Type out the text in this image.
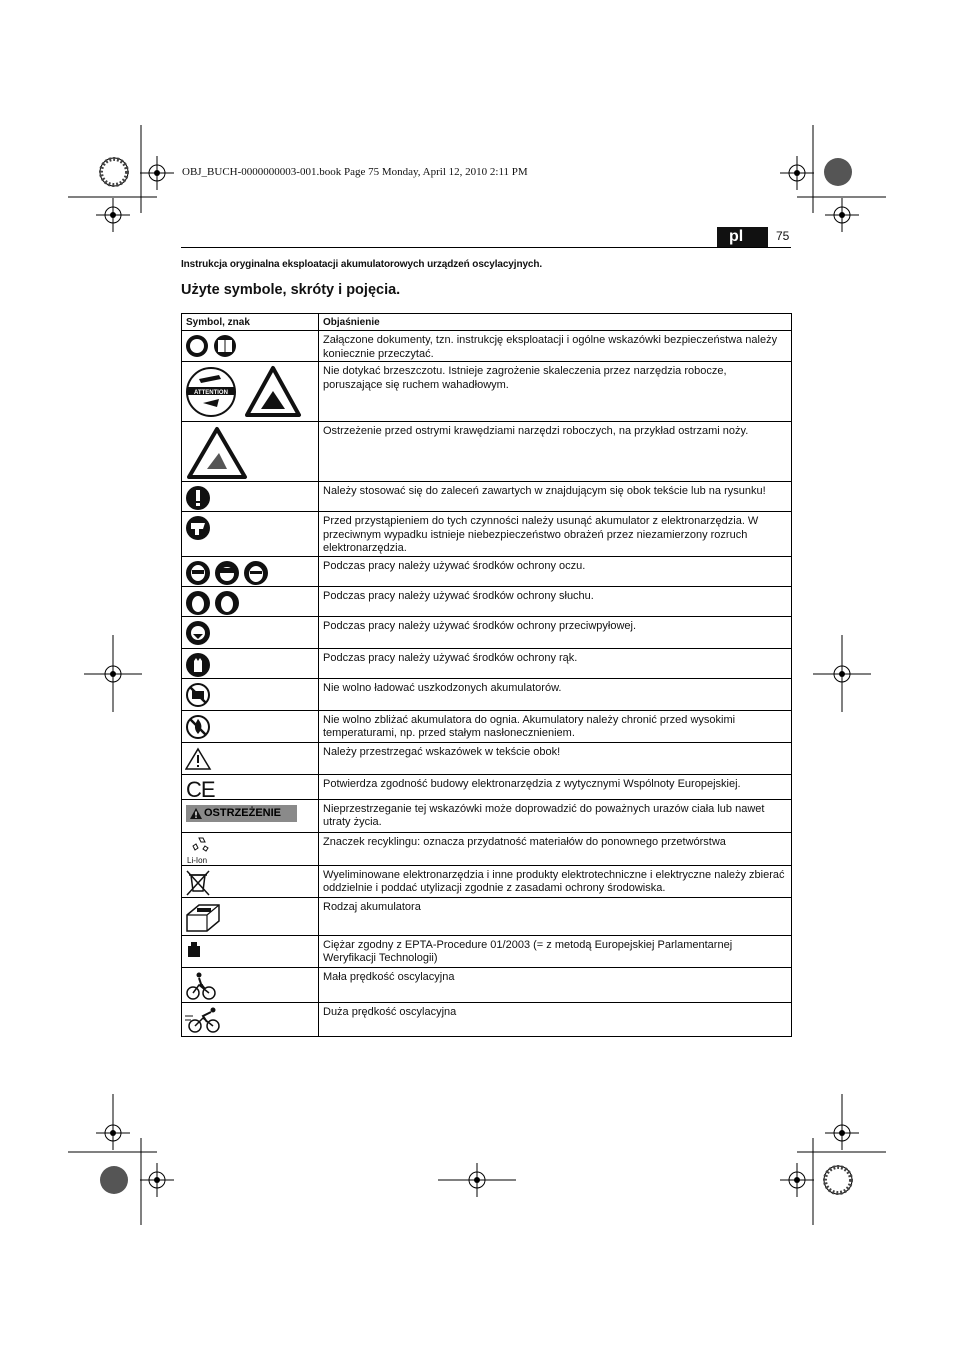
OBJ_BUCH-0000000003-001.book Page 75 Monday, April 12, 2010 2:11 PM
pl	75
Instrukcja oryginalna eksploatacji akumulatorowych urządzeń oscylacyjnych.
Użyte symbole, skróty i pojęcia.
Symbol, znak	Objaśnienie

	Załączone dokumenty, tzn. instrukcję eksploatacji i ogólne wskazówki bezpieczeństwa należy koniecznie przeczytać.

ATTENTION	Nie dotykać brzeszczotu. Istnieje zagrożenie skaleczenia przez narzędzia robocze, poruszające się ruchem wahadłowym.

	Ostrzeżenie przed ostrymi krawędziami narzędzi roboczych, na przykład ostrzami noży.

	Należy stosować się do zaleceń zawartych w znajdującym się obok tekście lub na rysunku!

	Przed przystąpieniem do tych czynności należy usunąć akumulator z elektronarzędzia. W przeciwnym wypadku istnieje niebezpieczeństwo obrażeń przez niezamierzony rozruch elektronarzędzia.

	Podczas pracy należy używać środków ochrony oczu.

	Podczas pracy należy używać środków ochrony słuchu.

	Podczas pracy należy używać środków ochrony przeciwpyłowej.

	Podczas pracy należy używać środków ochrony rąk.

	Nie wolno ładować uszkodzonych akumulatorów.

	Nie wolno zbliżać akumulatora do ognia. Akumulatory należy chronić przed wysokimi temperaturami, np. przed stałym nasłonecznieniem.

	Należy przestrzegać wskazówek w tekście obok!

CE	Potwierdza zgodność budowy elektronarzędzia z wytycznymi Wspólnoty Europejskiej.

OSTRZEŻENIE	Nieprzestrzeganie tej wskazówki może doprowadzić do poważnych urazów ciała lub nawet utraty życia.

Li-Ion	Znaczek recyklingu: oznacza przydatność materiałów do ponownego przetwórstwa

	Wyeliminowane elektronarzędzia i inne produkty elektrotechniczne i elektryczne należy zbierać oddzielnie i poddać utylizacji zgodnie z zasadami ochrony środowiska.

	Rodzaj akumulatora

	Ciężar zgodny z EPTA-Procedure 01/2003 (= z metodą Europejskiej Parlamentarnej Weryfikacji Technologii)

	Mała prędkość oscylacyjna

	Duża prędkość oscylacyjna
